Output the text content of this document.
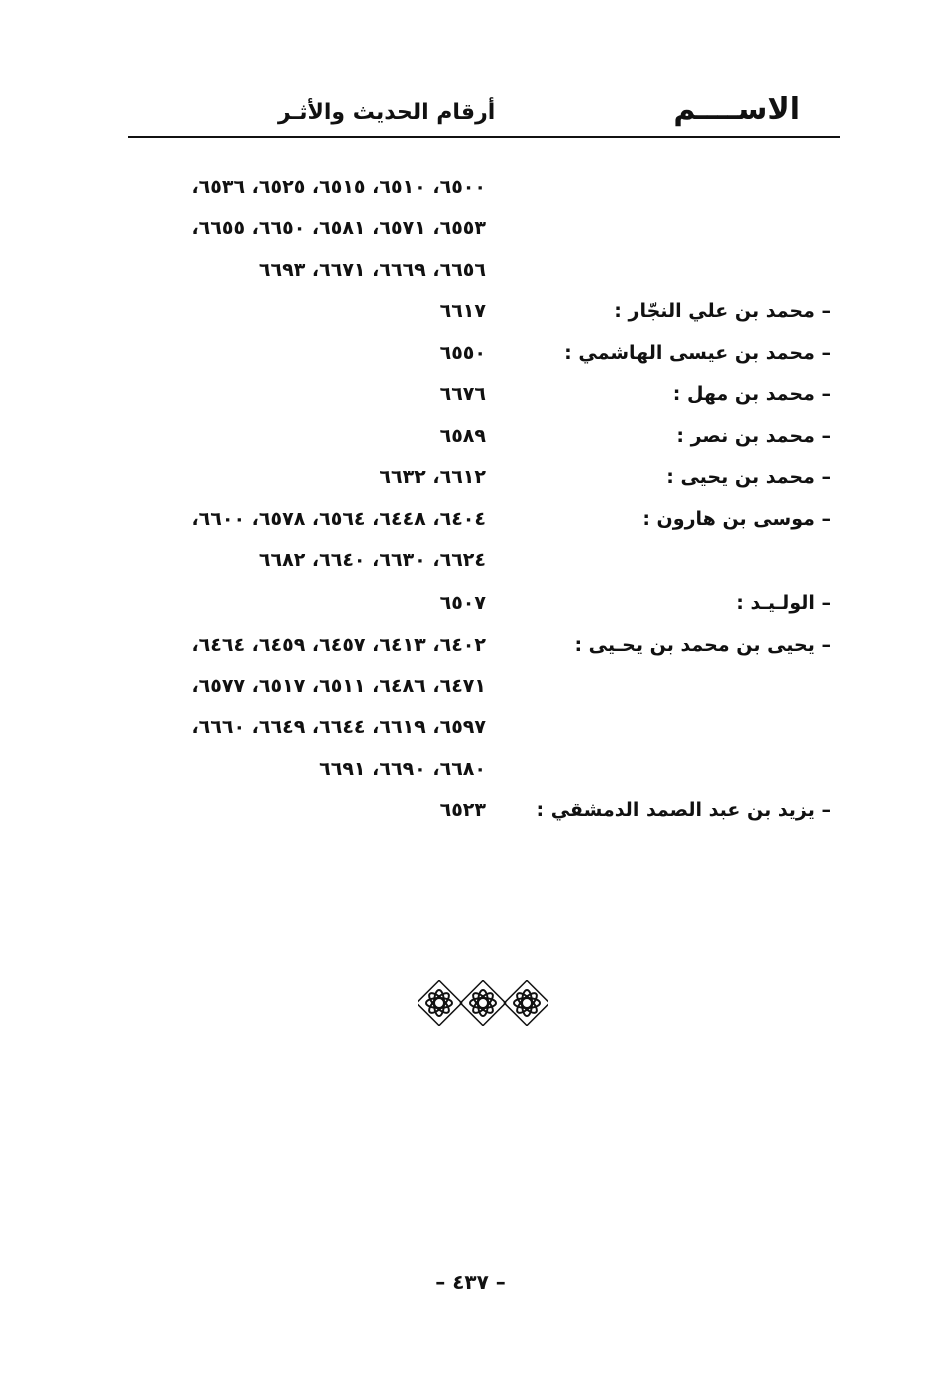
الاســــم
أرقام الحديث والأثـر
٦٥٠٠، ٦٥١٠، ٦٥١٥، ٦٥٢٥، ٦٥٣٦،
٦٥٥٣، ٦٥٧١، ٦٥٨١، ٦٦٥٠، ٦٦٥٥،
٦٦٥٦، ٦٦٦٩، ٦٦٧١، ٦٦٩٣
– محمد بن علي النجّار :
٦٦١٧
– محمد بن عيسى الهاشمي :
٦٥٥٠
– محمد بن مهل :
٦٦٧٦
– محمد بن نصر :
٦٥٨٩
– محمد بن يحيى :
٦٦١٢، ٦٦٣٢
– موسى بن هارون :
٦٤٠٤، ٦٤٤٨، ٦٥٦٤، ٦٥٧٨، ٦٦٠٠،
٦٦٢٤، ٦٦٣٠، ٦٦٤٠، ٦٦٨٢
– الولـيـد :
٦٥٠٧
– يحيى بن محمد بن يحـيى :
٦٤٠٢، ٦٤١٣، ٦٤٥٧، ٦٤٥٩، ٦٤٦٤،
٦٤٧١، ٦٤٨٦، ٦٥١١، ٦٥١٧، ٦٥٧٧،
٦٥٩٧، ٦٦١٩، ٦٦٤٤، ٦٦٤٩، ٦٦٦٠،
٦٦٨٠، ٦٦٩٠، ٦٦٩١
– يزيد بن عبد الصمد الدمشقي :
٦٥٢٣
– ٤٣٧ –
